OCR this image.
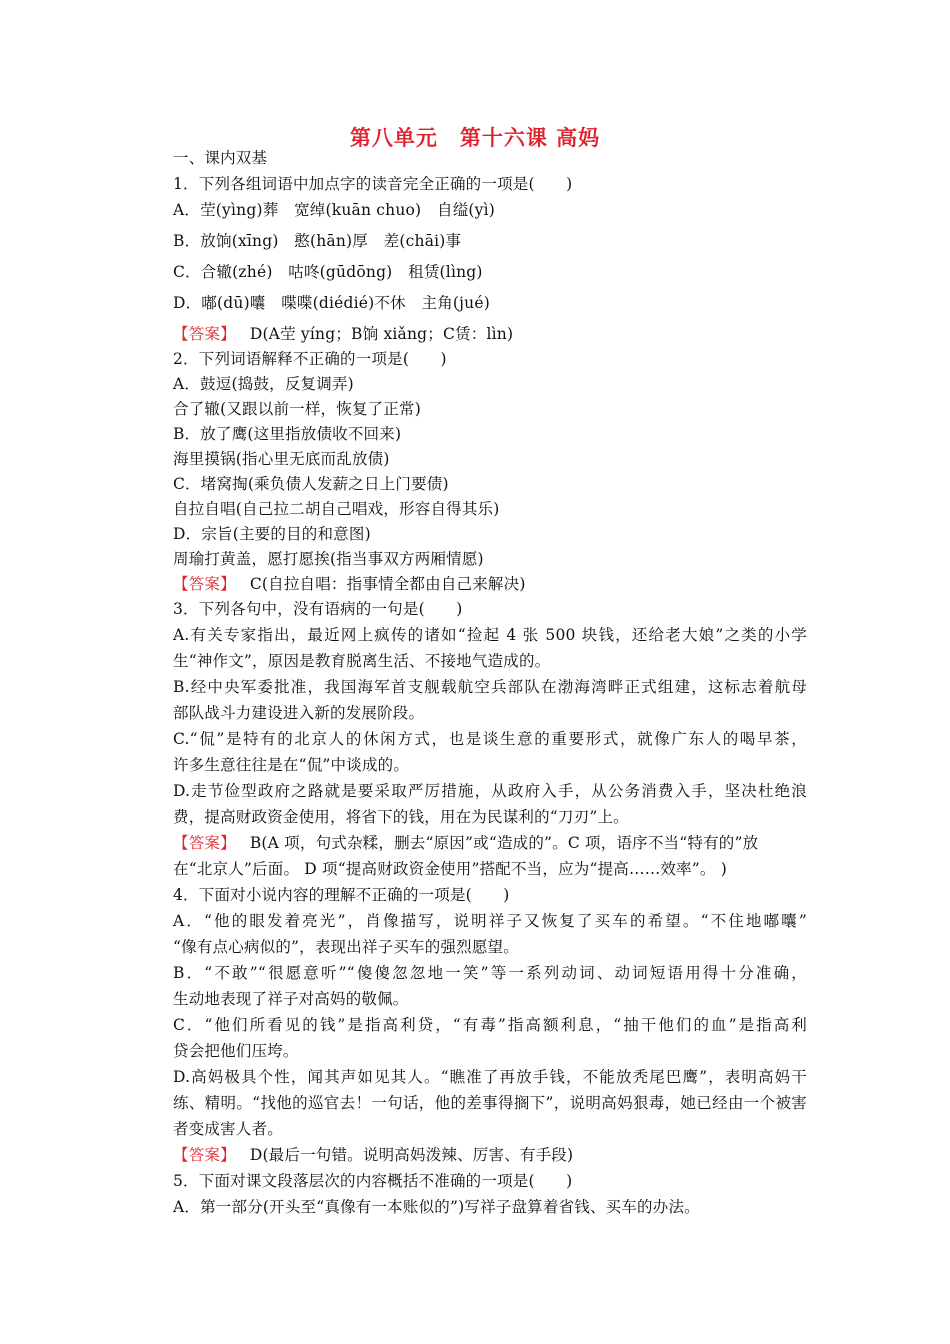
第八单元　第十六课 高妈
一、课内双基
1．下列各组词语中加点字的读音完全正确的一项是(　　)
A．茔(yìng)葬　宽绰(kuān chuo)　自缢(yì)
B．放饷(xīng)　憨(hān)厚　差(chāi)事
C．合辙(zhé)　咕咚(gūdōng)　租赁(lìng)
D．嘟(dū)囔　喋喋(diédié)不休　主角(jué)
【答案】 D(A茔 yíng；B饷 xiǎng；C赁：lìn)
2．下列词语解释不正确的一项是(　　)
A．鼓逗(捣鼓，反复调弄)
合了辙(又跟以前一样，恢复了正常)
B．放了鹰(这里指放债收不回来)
海里摸锅(指心里无底而乱放债)
C．堵窝掏(乘负债人发薪之日上门要债)
自拉自唱(自己拉二胡自己唱戏，形容自得其乐)
D．宗旨(主要的目的和意图)
周瑜打黄盖，愿打愿挨(指当事双方两厢情愿)
【答案】 C(自拉自唱：指事情全都由自己来解决)
3．下列各句中，没有语病的一句是(　　)
A.有关专家指出，最近网上疯传的诸如“捡起 4 张 500 块钱，还给老大娘”之类的小学
生“神作文”，原因是教育脱离生活、不接地气造成的。
B.经中央军委批准，我国海军首支舰载航空兵部队在渤海湾畔正式组建，这标志着航母
部队战斗力建设进入新的发展阶段。
C.“侃”是特有的北京人的休闲方式，也是谈生意的重要形式，就像广东人的喝早茶，
许多生意往往是在“侃”中谈成的。
D.走节俭型政府之路就是要采取严厉措施，从政府入手，从公务消费入手，坚决杜绝浪
费，提高财政资金使用，将省下的钱，用在为民谋利的“刀刃”上。
【答案】 B(A 项，句式杂糅，删去“原因”或“造成的”。C 项，语序不当“特有的”放
在“北京人”后面。 D 项“提高财政资金使用”搭配不当，应为“提高……效率”。 )
4．下面对小说内容的理解不正确的一项是(　　)
A．“他的眼发着亮光”，肖像描写，说明祥子又恢复了买车的希望。“不住地嘟囔”
“像有点心病似的”，表现出祥子买车的强烈愿望。
B．“不敢”“很愿意听”“傻傻忽忽地一笑”等一系列动词、动词短语用得十分准确，
生动地表现了祥子对高妈的敬佩。
C．“他们所看见的钱”是指高利贷，“有毒”指高额利息，“抽干他们的血”是指高利
贷会把他们压垮。
D.高妈极具个性，闻其声如见其人。“瞧准了再放手钱，不能放秃尾巴鹰”，表明高妈干
练、精明。“找他的巡官去！一句话，他的差事得搁下”，说明高妈狠毒，她已经由一个被害
者变成害人者。
【答案】 D(最后一句错。说明高妈泼辣、厉害、有手段)
5．下面对课文段落层次的内容概括不准确的一项是(　　)
A．第一部分(开头至“真像有一本账似的”)写祥子盘算着省钱、买车的办法。
